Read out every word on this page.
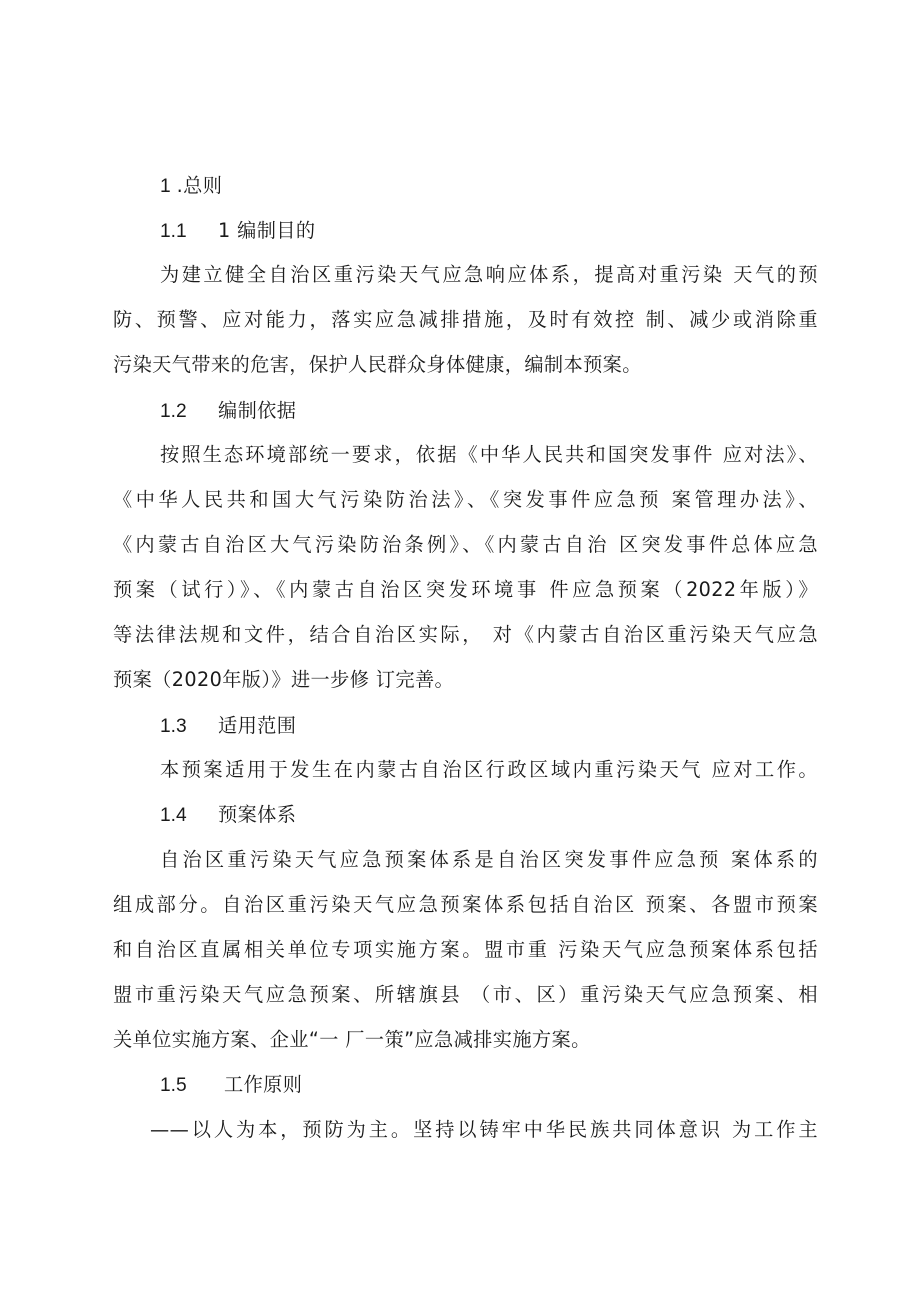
1 .总则
1.1 1 编制目的
为建立健全自治区重污染天气应急响应体系，提高对重污染 天气的预
防、预警、应对能力，落实应急减排措施，及时有效控 制、减少或消除重
污染天气带来的危害，保护人民群众身体健康，编制本预案。
1.2 编制依据
按照生态环境部统一要求，依据《中华人民共和国突发事件 应对法》、
《中华人民共和国大气污染防治法》、《突发事件应急预 案管理办法》、
《内蒙古自治区大气污染防治条例》、《内蒙古自治 区突发事件总体应急
预案（试行）》、《内蒙古自治区突发环境事 件应急预案（2022年版）》
等法律法规和文件，结合自治区实际， 对《内蒙古自治区重污染天气应急
预案（2020年版）》进一步修 订完善。
1.3 适用范围
本预案适用于发生在内蒙古自治区行政区域内重污染天气 应对工作。
1.4 预案体系
自治区重污染天气应急预案体系是自治区突发事件应急预 案体系的
组成部分。自治区重污染天气应急预案体系包括自治区 预案、各盟市预案
和自治区直属相关单位专项实施方案。盟市重 污染天气应急预案体系包括
盟市重污染天气应急预案、所辖旗县 （市、区）重污染天气应急预案、相
关单位实施方案、企业“一 厂一策”应急减排实施方案。
1.5 工作原则
——以人为本，预防为主。坚持以铸牢中华民族共同体意识 为工作主
